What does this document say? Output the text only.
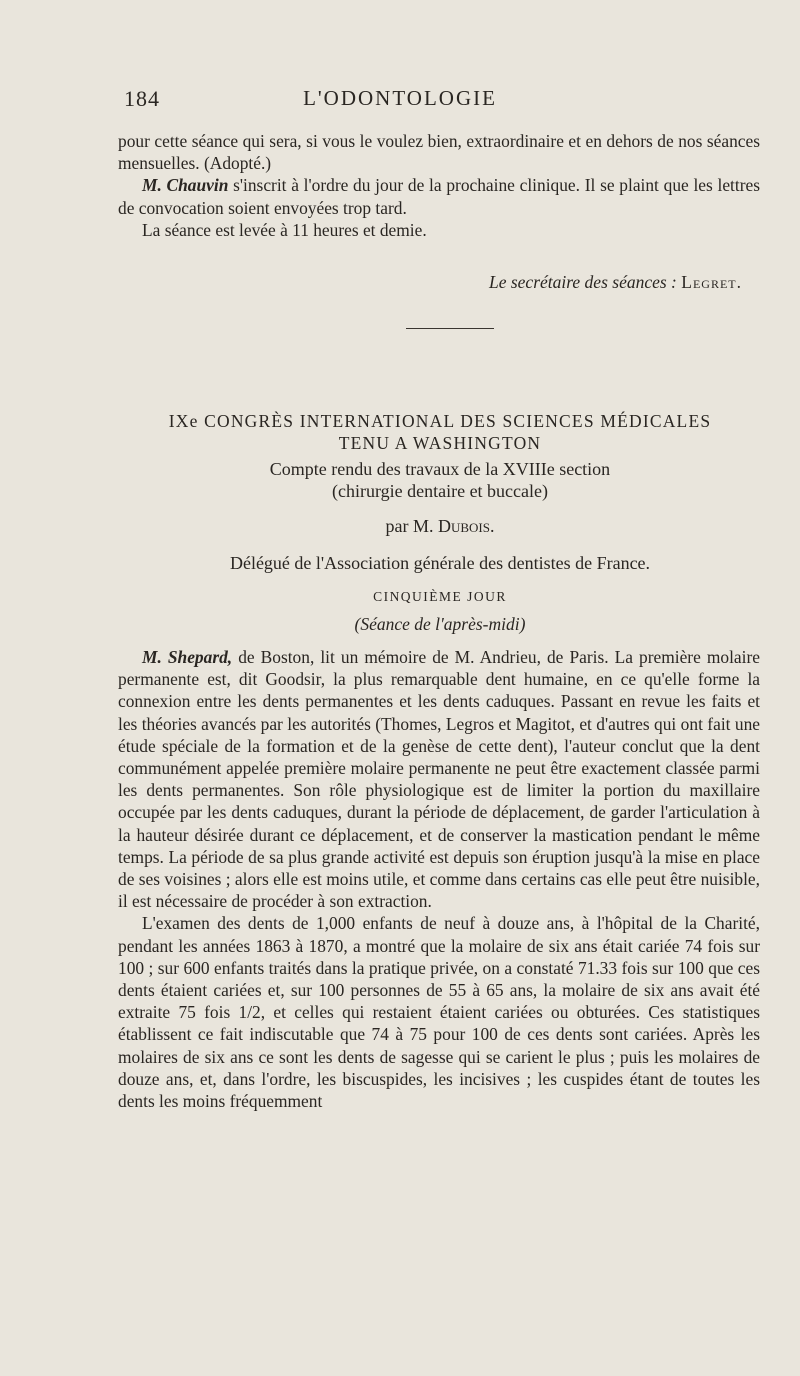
184	L'ODONTOLOGIE

pour cette séance qui sera, si vous le voulez bien, extraordinaire et en dehors de nos séances mensuelles. (Adopté.)

M. Chauvin s'inscrit à l'ordre du jour de la prochaine clinique. Il se plaint que les lettres de convocation soient envoyées trop tard.

La séance est levée à 11 heures et demie.

Le secrétaire des séances : Legret.
IXe CONGRÈS INTERNATIONAL DES SCIENCES MÉDICALES
TENU A WASHINGTON
Compte rendu des travaux de la XVIIIe section
(chirurgie dentaire et buccale)
par M. Dubois.
Délégué de l'Association générale des dentistes de France.
CINQUIÈME JOUR
(Séance de l'après-midi)

M. Shepard, de Boston, lit un mémoire de M. Andrieu, de Paris. La première molaire permanente est, dit Goodsir, la plus remarquable dent humaine, en ce qu'elle forme la connexion entre les dents permanentes et les dents caduques. Passant en revue les faits et les théories avancés par les autorités (Thomes, Legros et Magitot, et d'autres qui ont fait une étude spéciale de la formation et de la genèse de cette dent), l'auteur conclut que la dent communément appelée première molaire permanente ne peut être exactement classée parmi les dents permanentes. Son rôle physiologique est de limiter la portion du maxillaire occupée par les dents caduques, durant la période de déplacement, de garder l'articulation à la hauteur désirée durant ce déplacement, et de conserver la mastication pendant le même temps. La période de sa plus grande activité est depuis son éruption jusqu'à la mise en place de ses voisines ; alors elle est moins utile, et comme dans certains cas elle peut être nuisible, il est nécessaire de procéder à son extraction.

L'examen des dents de 1,000 enfants de neuf à douze ans, à l'hôpital de la Charité, pendant les années 1863 à 1870, a montré que la molaire de six ans était cariée 74 fois sur 100 ; sur 600 enfants traités dans la pratique privée, on a constaté 71.33 fois sur 100 que ces dents étaient cariées et, sur 100 personnes de 55 à 65 ans, la molaire de six ans avait été extraite 75 fois 1/2, et celles qui restaient étaient cariées ou obturées. Ces statistiques établissent ce fait indiscutable que 74 à 75 pour 100 de ces dents sont cariées. Après les molaires de six ans ce sont les dents de sagesse qui se carient le plus ; puis les molaires de douze ans, et, dans l'ordre, les biscuspides, les incisives ; les cuspides étant de toutes les dents les moins fréquemment
